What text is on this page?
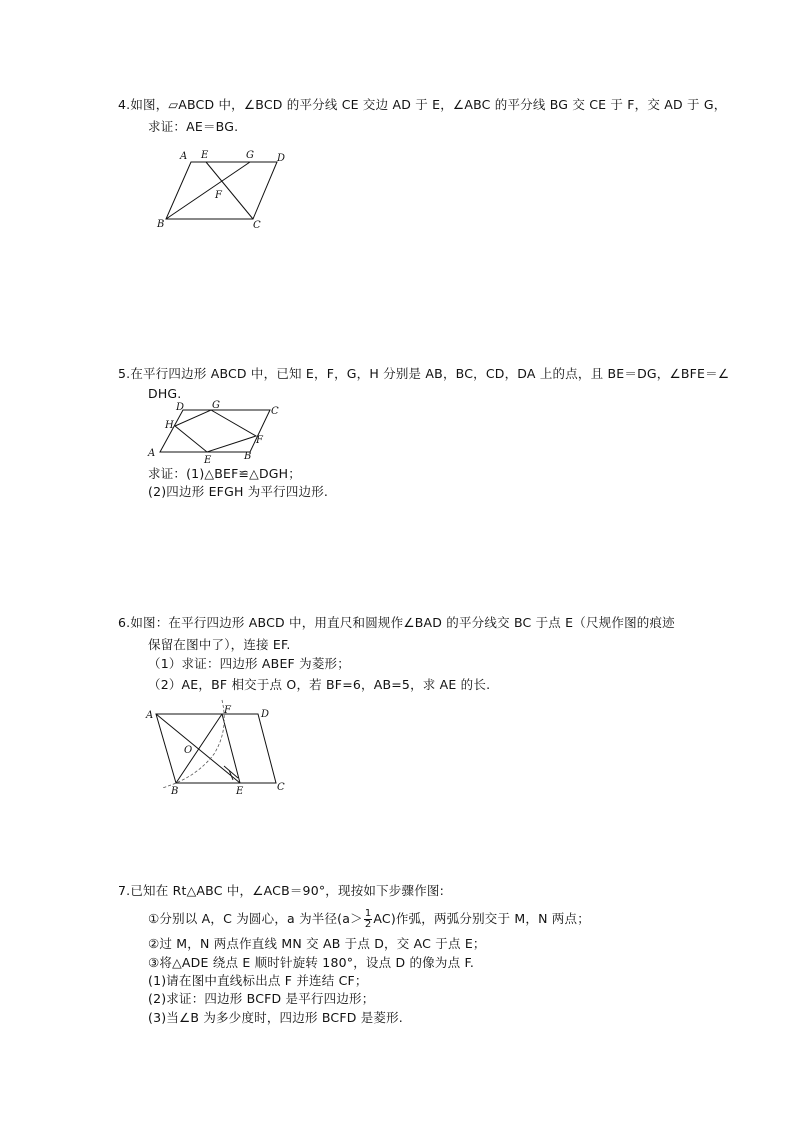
4.如图，▱ABCD 中，∠BCD 的平分线 CE 交边 AD 于 E，∠ABC 的平分线 BG 交 CE 于 F，交 AD 于 G，
求证：AE＝BG.
A E	G D
F
B	C
5.在平行四边形 ABCD 中，已知 E，F，G，H 分别是 AB，BC，CD，DA 上的点，且 BE＝DG，∠BFE＝∠
DHG.
D	G
C
H
F
A
E	B
求证：(1)△BEF≌△DGH；
(2)四边形 EFGH 为平行四边形.
6.如图：在平行四边形 ABCD 中，用直尺和圆规作∠BAD 的平分线交 BC 于点 E（尺规作图的痕迹
保留在图中了），连接 EF.
（1）求证：四边形 ABEF 为菱形；
（2）AE，BF 相交于点 O，若 BF=6，AB=5，求 AE 的长.
A	F	D
O
B	E	C
7.已知在 Rt△ABC 中，∠ACB＝90°，现按如下步骤作图:
①分别以 A，C 为圆心，a 为半径$(a> \frac{1}{2} AC)$作弧，两弧分别交于 M，N 两点；
②过 M，N 两点作直线 MN 交 AB 于点 D，交 AC 于点 E；
③将△ADE 绕点 E 顺时针旋转 180°，设点 D 的像为点 F.
(1)请在图中直线标出点 F 并连结 CF；
(2)求证：四边形 BCFD 是平行四边形；
(3)当∠B 为多少度时，四边形 BCFD 是菱形.
